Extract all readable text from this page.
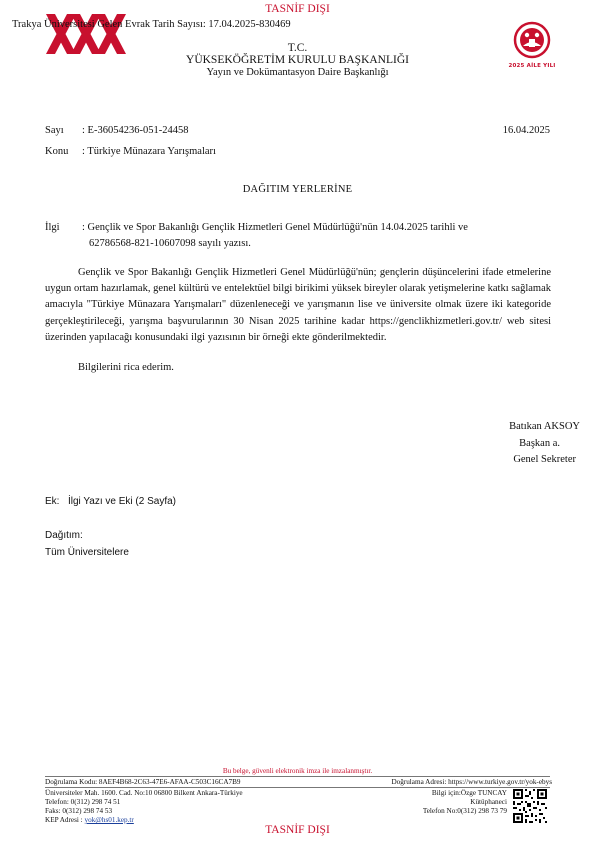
TASNİF DIŞI
Trakya Üniversitesi Gelen Evrak Tarih Sayısı: 17.04.2025-830469
2025 AİLE YILI
T.C.
YÜKSEKÖĞRETİM KURULU BAŞKANLIĞI
Yayın ve Dokümantasyon Daire Başkanlığı
Sayı : E-36054236-051-24458	16.04.2025
Konu : Türkiye Münazara Yarışmaları
DAĞITIM YERLERİNE
İlgi : Gençlik ve Spor Bakanlığı Gençlik Hizmetleri Genel Müdürlüğü'nün 14.04.2025 tarihli ve
62786568-821-10607098 sayılı yazısı.
Gençlik ve Spor Bakanlığı Gençlik Hizmetleri Genel Müdürlüğü'nün; gençlerin düşüncelerini ifade etmelerine uygun ortam hazırlamak, genel kültürü ve entelektüel bilgi birikimi yüksek bireyler olarak yetişmelerine katkı sağlamak amacıyla "Türkiye Münazara Yarışmaları" düzenleneceği ve yarışmanın lise ve üniversite olmak üzere iki kategoride gerçekleştirileceği, yarışma başvurularının 30 Nisan 2025 tarihine kadar https://genclikhizmetleri.gov.tr/ web sitesi üzerinden yapılacağı konusundaki ilgi yazısının bir örneği ekte gönderilmektedir.
Bilgilerini rica ederim.
Batıkan AKSOY
Başkan a.
Genel Sekreter
Ek: İlgi Yazı ve Eki (2 Sayfa)
Dağıtım:
Tüm Üniversitelere
Bu belge, güvenli elektronik imza ile imzalanmıştır.
Doğrulama Kodu: 8AEF4B68-2C63-47E6-AFAA-C503C16CA7B9	Doğrulama Adresi: https://www.turkiye.gov.tr/yok-ebys
Üniversiteler Mah. 1600. Cad. No:10 06800 Bilkent Ankara-Türkiye
Telefon: 0(312) 298 74 51
Faks: 0(312) 298 74 53
KEP Adresi : yok@hs01.kep.tr
Bilgi için:Özge TUNCAY
Kütüphaneci
Telefon No:0(312) 298 73 79
TASNİF DIŞI
